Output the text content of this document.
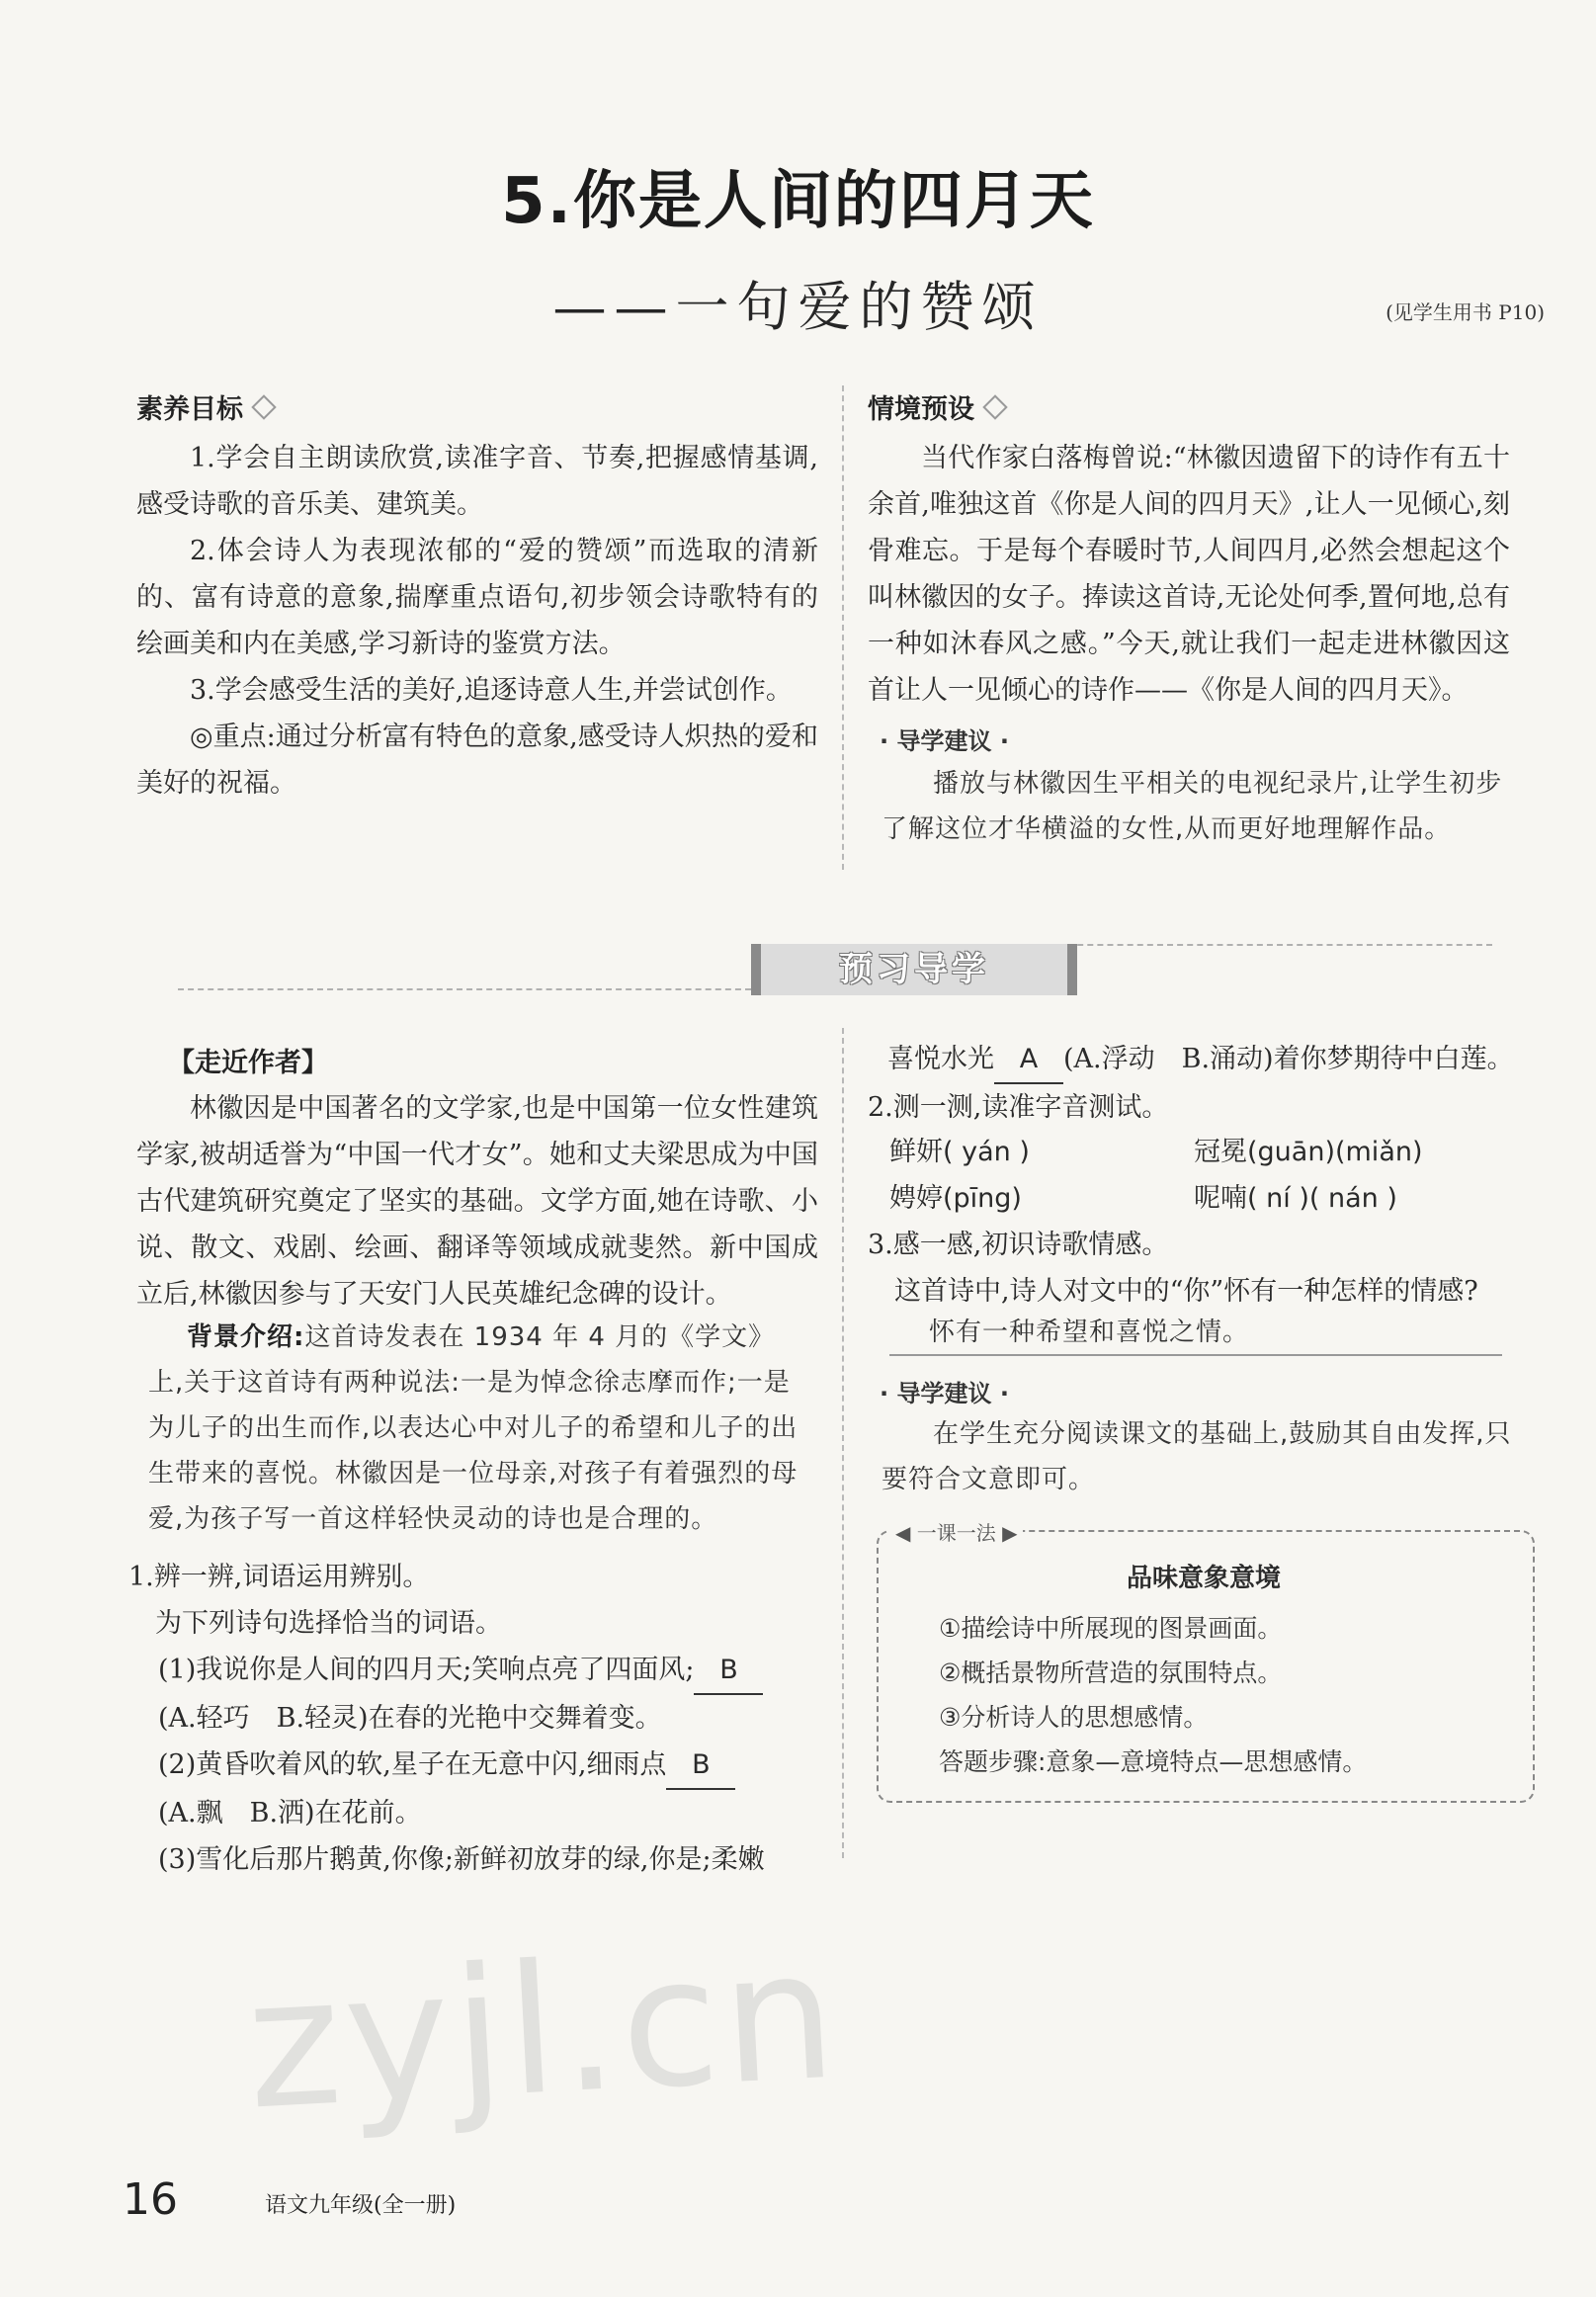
5.你是人间的四月天
——一句爱的赞颂	(见学生用书 P10)
素养目标

1.学会自主朗读欣赏,读准字音、节奏,把握感情基调,感受诗歌的音乐美、建筑美。

2.体会诗人为表现浓郁的“爱的赞颂”而选取的清新的、富有诗意的意象,揣摩重点语句,初步领会诗歌特有的绘画美和内在美感,学习新诗的鉴赏方法。

3.学会感受生活的美好,追逐诗意人生,并尝试创作。

◎重点:通过分析富有特色的意象,感受诗人炽热的爱和美好的祝福。

情境预设

当代作家白落梅曾说:“林徽因遗留下的诗作有五十余首,唯独这首《你是人间的四月天》,让人一见倾心,刻骨难忘。于是每个春暖时节,人间四月,必然会想起这个叫林徽因的女子。捧读这首诗,无论处何季,置何地,总有一种如沐春风之感。”今天,就让我们一起走进林徽因这首让人一见倾心的诗作——《你是人间的四月天》。

· 导学建议 ·
播放与林徽因生平相关的电视纪录片,让学生初步了解这位才华横溢的女性,从而更好地理解作品。
预习导学
【走近作者】

林徽因是中国著名的文学家,也是中国第一位女性建筑学家,被胡适誉为“中国一代才女”。她和丈夫梁思成为中国古代建筑研究奠定了坚实的基础。文学方面,她在诗歌、小说、散文、戏剧、绘画、翻译等领域成就斐然。新中国成立后,林徽因参与了天安门人民英雄纪念碑的设计。

背景介绍:这首诗发表在 1934 年 4 月的《学文》上,关于这首诗有两种说法:一是为悼念徐志摩而作;一是为儿子的出生而作,以表达心中对儿子的希望和儿子的出生带来的喜悦。林徽因是一位母亲,对孩子有着强烈的母爱,为孩子写一首这样轻快灵动的诗也是合理的。

1.辨一辨,词语运用辨别。

为下列诗句选择恰当的词语。

(1)我说你是人间的四月天;笑响点亮了四面风; B

(A.轻巧　B.轻灵)在春的光艳中交舞着变。

(2)黄昏吹着风的软,星子在无意中闪,细雨点 B

(A.飘　B.洒)在花前。

(3)雪化后那片鹅黄,你像;新鲜初放芽的绿,你是;柔嫩

喜悦水光 A (A.浮动　B.涌动)着你梦期待中白莲。

2.测一测,读准字音测试。

鲜妍( yán )	冠冕(guān)(miǎn)
娉婷(pīng)	呢喃( ní )( nán )

3.感一感,初识诗歌情感。

这首诗中,诗人对文中的“你”怀有一种怎样的情感?

怀有一种希望和喜悦之情。
· 导学建议 ·
在学生充分阅读课文的基础上,鼓励其自由发挥,只要符合文意即可。
◀ 一课一法 ▶
品味意象意境
①描绘诗中所展现的图景画面。
②概括景物所营造的氛围特点。
③分析诗人的思想感情。
答题步骤:意象—意境特点—思想感情。
zyjl.cn
16	语文九年级(全一册)
